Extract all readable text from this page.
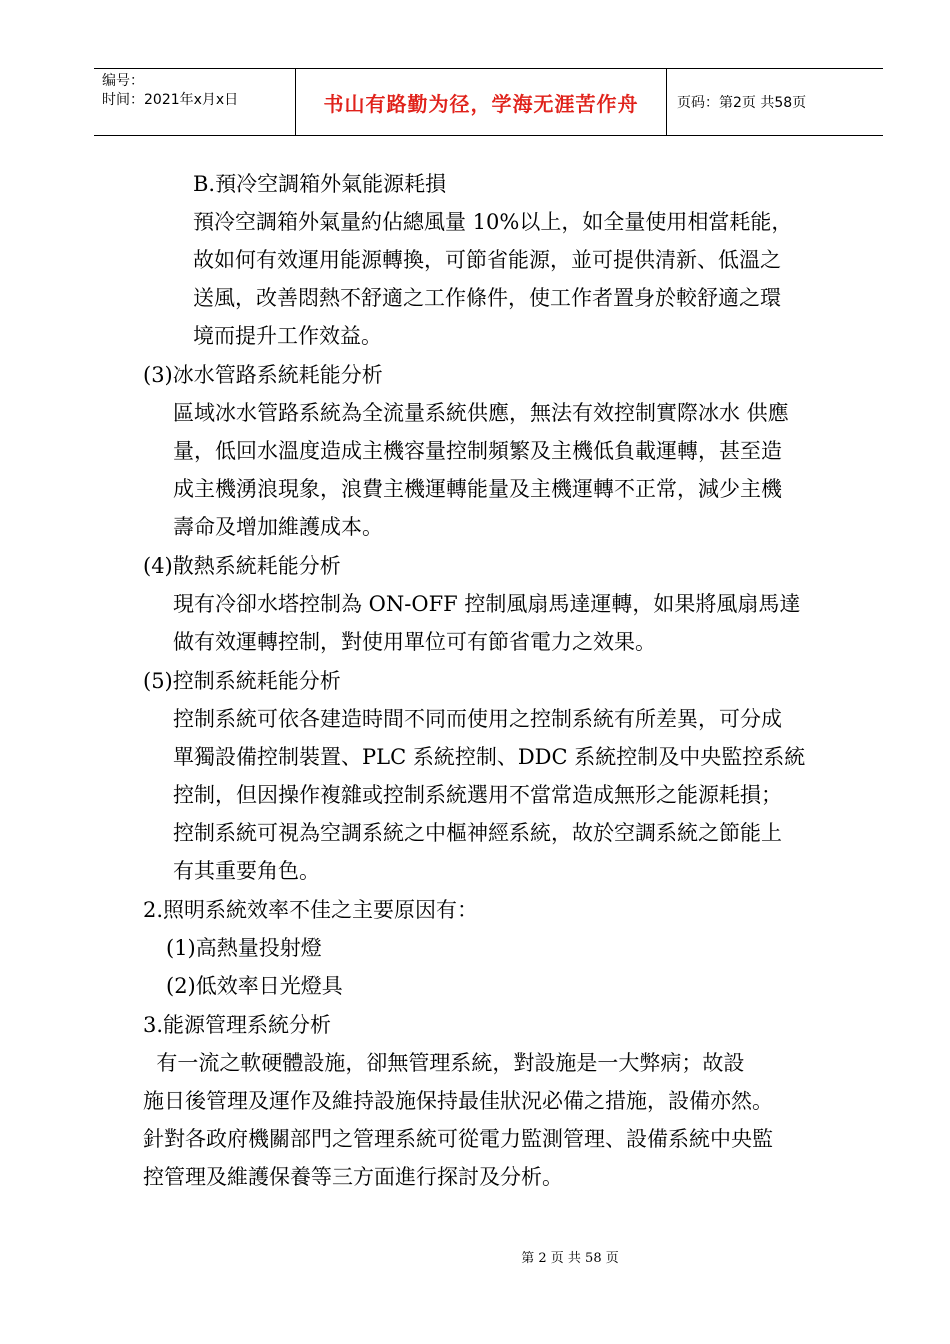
编号：
时间：2021年x月x日	书山有路勤为径，学海无涯苦作舟	页码：第2页 共58页
B.預冷空調箱外氣能源耗損
預冷空調箱外氣量約佔總風量 10%以上，如全量使用相當耗能，
故如何有效運用能源轉換，可節省能源，並可提供清新、低溫之
送風，改善悶熱不舒適之工作條件，使工作者置身於較舒適之環
境而提升工作效益。
(3)冰水管路系統耗能分析
區域冰水管路系統為全流量系統供應，無法有效控制實際冰水 供應
量，低回水溫度造成主機容量控制頻繁及主機低負載運轉，甚至造
成主機湧浪現象，浪費主機運轉能量及主機運轉不正常，減少主機
壽命及增加維護成本。
(4)散熱系統耗能分析
現有冷卻水塔控制為 ON-OFF 控制風扇馬達運轉，如果將風扇馬達
做有效運轉控制，對使用單位可有節省電力之效果。
(5)控制系統耗能分析
控制系統可依各建造時間不同而使用之控制系統有所差異，可分成
單獨設備控制裝置、PLC 系統控制、DDC 系統控制及中央監控系統
控制，但因操作複雜或控制系統選用不當常造成無形之能源耗損；
控制系統可視為空調系統之中樞神經系統，故於空調系統之節能上
有其重要角色。
2.照明系統效率不佳之主要原因有：
(1)高熱量投射燈
(2)低效率日光燈具
3.能源管理系統分析
有一流之軟硬體設施，卻無管理系統，對設施是一大弊病；故設
施日後管理及運作及維持設施保持最佳狀況必備之措施，設備亦然。
針對各政府機關部門之管理系統可從電力監測管理、設備系統中央監
控管理及維護保養等三方面進行探討及分析。
第 2 页 共 58 页
